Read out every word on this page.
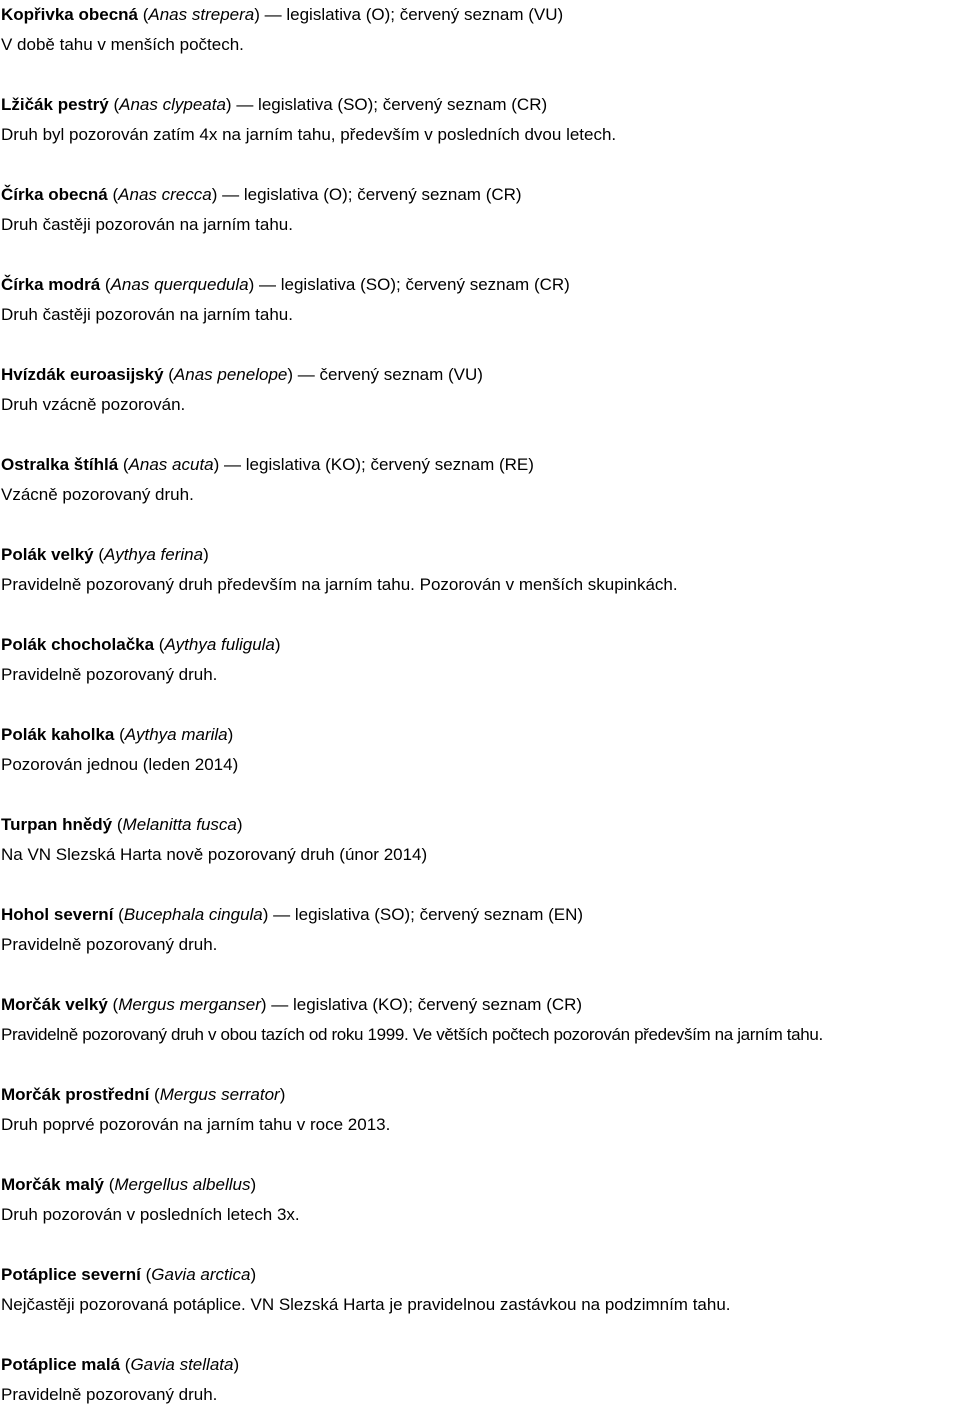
Kopřivka obecná (Anas strepera) — legislativa (O); červený seznam (VU)
V době tahu v menších počtech.
Lžičák pestrý (Anas clypeata) — legislativa (SO); červený seznam (CR)
Druh byl pozorován zatím 4x na jarním tahu, především v posledních dvou letech.
Čírka obecná (Anas crecca) — legislativa (O); červený seznam (CR)
Druh častěji pozorován na jarním tahu.
Čírka modrá (Anas querquedula) — legislativa (SO); červený seznam (CR)
Druh častěji pozorován na jarním tahu.
Hvízdák euroasijský (Anas penelope) — červený seznam (VU)
Druh vzácně pozorován.
Ostralka štíhlá (Anas acuta) — legislativa (KO); červený seznam (RE)
Vzácně pozorovaný druh.
Polák velký (Aythya ferina)
Pravidelně pozorovaný druh především na jarním tahu. Pozorován v menších skupinkách.
Polák chocholačka (Aythya fuligula)
Pravidelně pozorovaný druh.
Polák kaholka (Aythya marila)
Pozorován jednou (leden 2014)
Turpan hnědý (Melanitta fusca)
Na VN Slezská Harta nově pozorovaný druh (únor 2014)
Hohol severní (Bucephala cingula) — legislativa (SO); červený seznam (EN)
Pravidelně pozorovaný druh.
Morčák velký (Mergus merganser) — legislativa (KO); červený seznam (CR)
Pravidelně pozorovaný druh v obou tazích od roku 1999. Ve větších počtech pozorován především na jarním tahu.
Morčák prostřední (Mergus serrator)
Druh poprvé pozorován na jarním tahu v roce 2013.
Morčák malý (Mergellus albellus)
Druh pozorován v posledních letech 3x.
Potáplice severní (Gavia arctica)
Nejčastěji pozorovaná potáplice. VN Slezská Harta je pravidelnou zastávkou na podzimním tahu.
Potáplice malá (Gavia stellata)
Pravidelně pozorovaný druh.
